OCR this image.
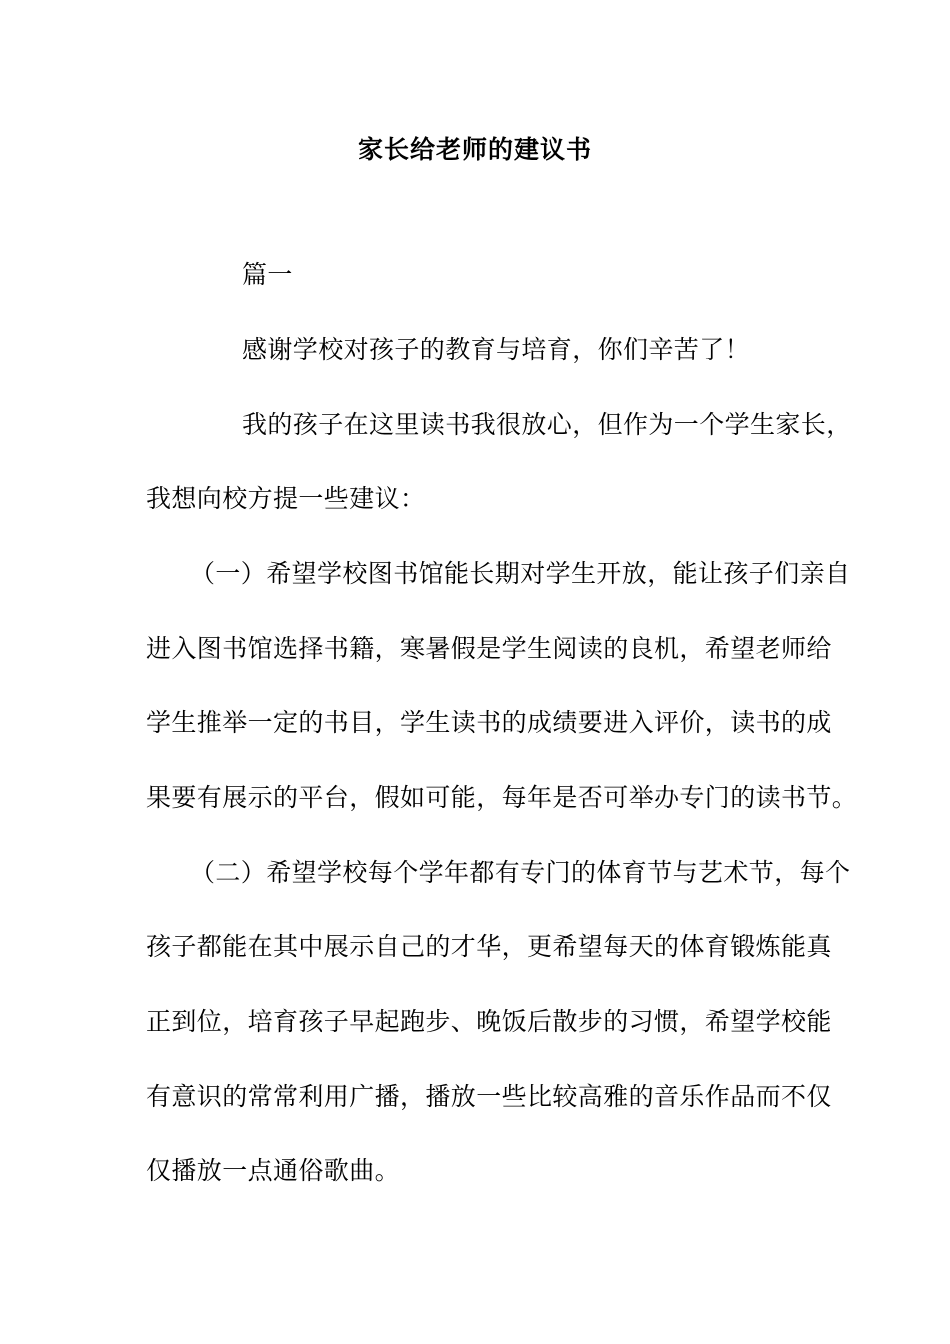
家长给老师的建议书
篇一
感谢学校对孩子的教育与培育，你们辛苦了！
我的孩子在这里读书我很放心，但作为一个学生家长，
我想向校方提一些建议：
（一）希望学校图书馆能长期对学生开放，能让孩子们亲自
进入图书馆选择书籍，寒暑假是学生阅读的良机，希望老师给
学生推举一定的书目，学生读书的成绩要进入评价，读书的成
果要有展示的平台，假如可能，每年是否可举办专门的读书节。
（二）希望学校每个学年都有专门的体育节与艺术节，每个
孩子都能在其中展示自己的才华，更希望每天的体育锻炼能真
正到位，培育孩子早起跑步、晚饭后散步的习惯，希望学校能
有意识的常常利用广播，播放一些比较高雅的音乐作品而不仅
仅播放一点通俗歌曲。
